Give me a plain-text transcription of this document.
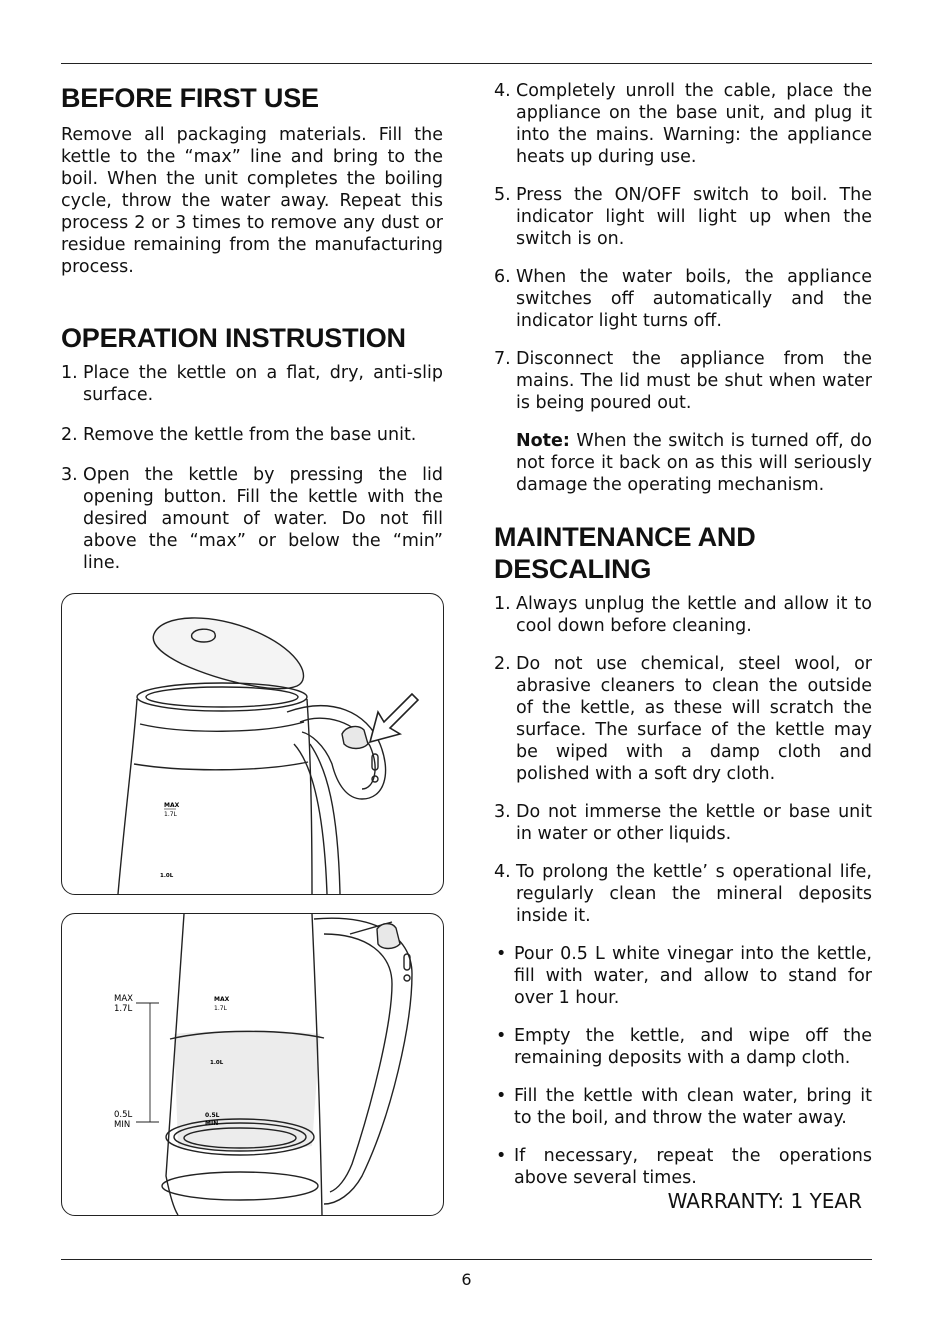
BEFORE FIRST USE

Remove all packaging materials. Fill the kettle to the “max” line and bring to the boil. When the unit completes the boiling cycle, throw the water away. Repeat this process 2 or 3 times to remove any dust or residue remaining from the manufacturing process.

OPERATION INSTRUSTION
1. Place the kettle on a flat, dry, anti-slip surface.
2. Remove the kettle from the base unit.
3. Open the kettle by pressing the lid opening button. Fill the kettle with the desired amount of water. Do not fill above the “max” or below the “min” line.
MAX
1.7L
1.0L
MAX
1.7L
0.5L
MIN
MAX
1.7L
1.0L
0.5L
MIN
4. Completely unroll the cable, place the appliance on the base unit, and plug it into the mains. Warning: the appliance heats up during use.
5. Press the ON/OFF switch to boil. The indicator light will light up when the switch is on.
6. When the water boils, the appliance switches off automatically and the indicator light turns off.
7. Disconnect the appliance from the mains. The lid must be shut when water is being poured out.

Note: When the switch is turned off, do not force it back on as this will seriously damage the operating mechanism.

MAINTENANCE AND
DESCALING
1. Always unplug the kettle and allow it to cool down before cleaning.
2. Do not use chemical, steel wool, or abrasive cleaners to clean the outside of the kettle, as these will scratch the surface. The surface of the kettle may be wiped with a damp cloth and polished with a soft dry cloth.
3. Do not immerse the kettle or base unit in water or other liquids.
4. To prolong the kettle’ s operational life, regularly clean the mineral deposits inside it.
• Pour 0.5 L white vinegar into the kettle, fill with water, and allow to stand for over 1 hour.
• Empty the kettle, and wipe off the remaining deposits with a damp cloth.
• Fill the kettle with clean water, bring it to the boil, and throw the water away.
• If necessary, repeat the operations above several times.
WARRANTY: 1 YEAR
6
